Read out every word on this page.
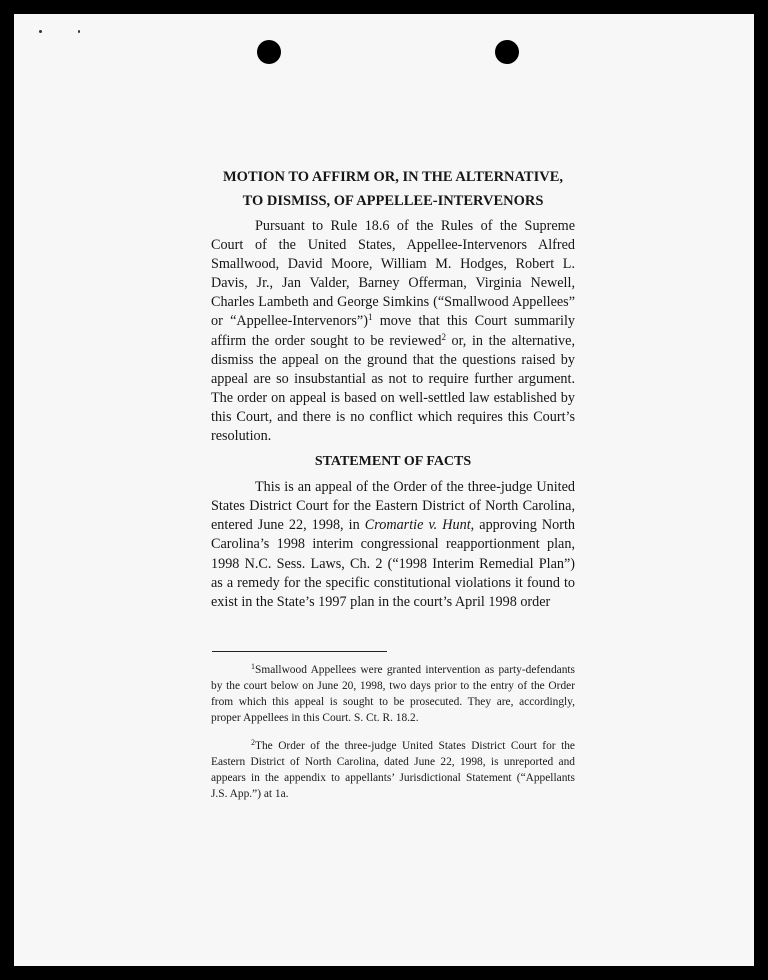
MOTION TO AFFIRM OR, IN THE ALTERNATIVE,

TO DISMISS, OF APPELLEE-INTERVENORS

Pursuant to Rule 18.6 of the Rules of the Supreme Court of the United States, Appellee-Intervenors Alfred Smallwood, David Moore, William M. Hodges, Robert L. Davis, Jr., Jan Valder, Barney Offerman, Virginia Newell, Charles Lambeth and George Simkins (“Smallwood Appellees” or “Appellee-Intervenors”)$^1$ move that this Court summarily affirm the order sought to be reviewed$^2$ or, in the alternative, dismiss the appeal on the ground that the questions raised by appeal are so insubstantial as not to require further argument. The order on appeal is based on well-settled law established by this Court, and there is no conflict which requires this Court’s resolution.

STATEMENT OF FACTS

This is an appeal of the Order of the three-judge United States District Court for the Eastern District of North Carolina, entered June 22, 1998, in Cromartie v. Hunt, approving North Carolina’s 1998 interim congressional reapportionment plan, 1998 N.C. Sess. Laws, Ch. 2 (“1998 Interim Remedial Plan”) as a remedy for the specific constitutional violations it found to exist in the State’s 1997 plan in the court’s April 1998 order

$^1$Smallwood Appellees were granted intervention as party-defendants by the court below on June 20, 1998, two days prior to the entry of the Order from which this appeal is sought to be prosecuted. They are, accordingly, proper Appellees in this Court. S. Ct. R. 18.2.

$^2$The Order of the three-judge United States District Court for the Eastern District of North Carolina, dated June 22, 1998, is unreported and appears in the appendix to appellants’ Jurisdictional Statement (“Appellants J.S. App.”) at 1a.
